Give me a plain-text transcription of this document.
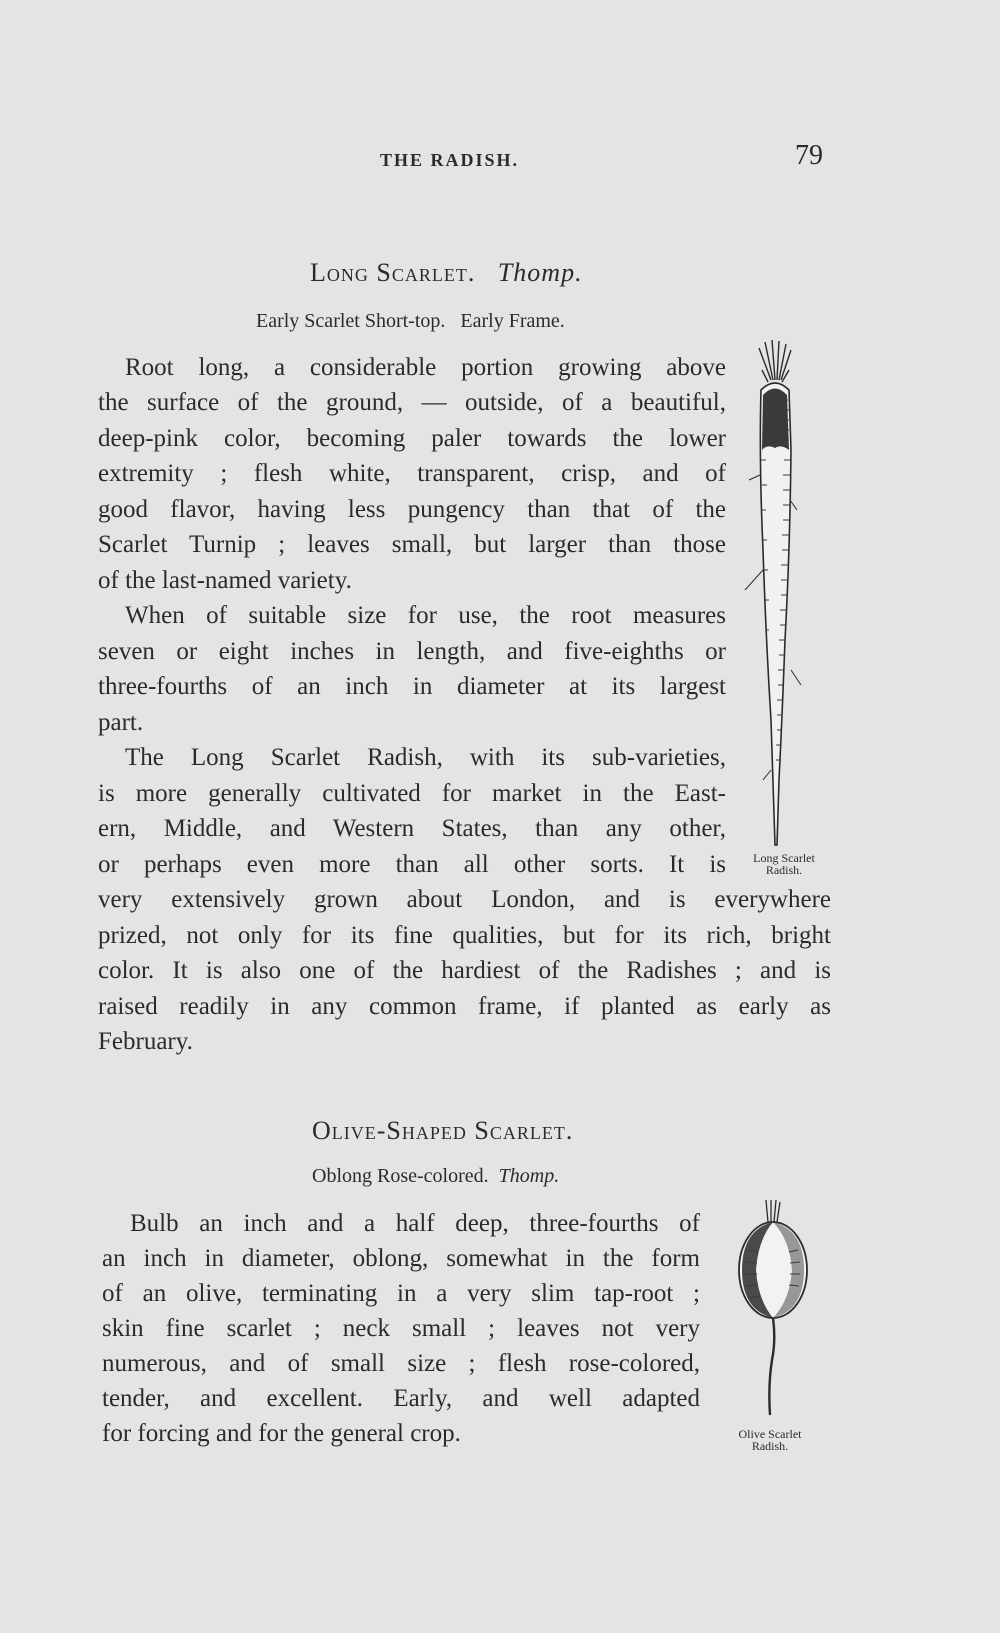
THE RADISH.	79
Long Scarlet. Thomp.
Early Scarlet Short-top.   Early Frame.
Root long, a considerable portion growing above
the surface of the ground, — outside, of a beautiful,
deep-pink color, becoming paler towards the lower
extremity ; flesh white, transparent, crisp, and of
good flavor, having less pungency than that of the
Scarlet Turnip ; leaves small, but larger than those
of the last-named variety.
When of suitable size for use, the root measures
seven or eight inches in length, and five-eighths or
three-fourths of an inch in diameter at its largest
part.
The Long Scarlet Radish, with its sub-varieties,
is more generally cultivated for market in the East-
ern, Middle, and Western States, than any other,
or perhaps even more than all other sorts. It is
very extensively grown about London, and is everywhere
prized, not only for its fine qualities, but for its rich, bright
color. It is also one of the hardiest of the Radishes ; and is
raised readily in any common frame, if planted as early as
February.
Long Scarlet
Radish.
Olive-Shaped Scarlet.
Oblong Rose-colored. Thomp.
Bulb an inch and a half deep, three-fourths of
an inch in diameter, oblong, somewhat in the form
of an olive, terminating in a very slim tap-root ;
skin fine scarlet ; neck small ; leaves not very
numerous, and of small size ; flesh rose-colored,
tender, and excellent. Early, and well adapted
for forcing and for the general crop.	Olive Scarlet
Radish.
